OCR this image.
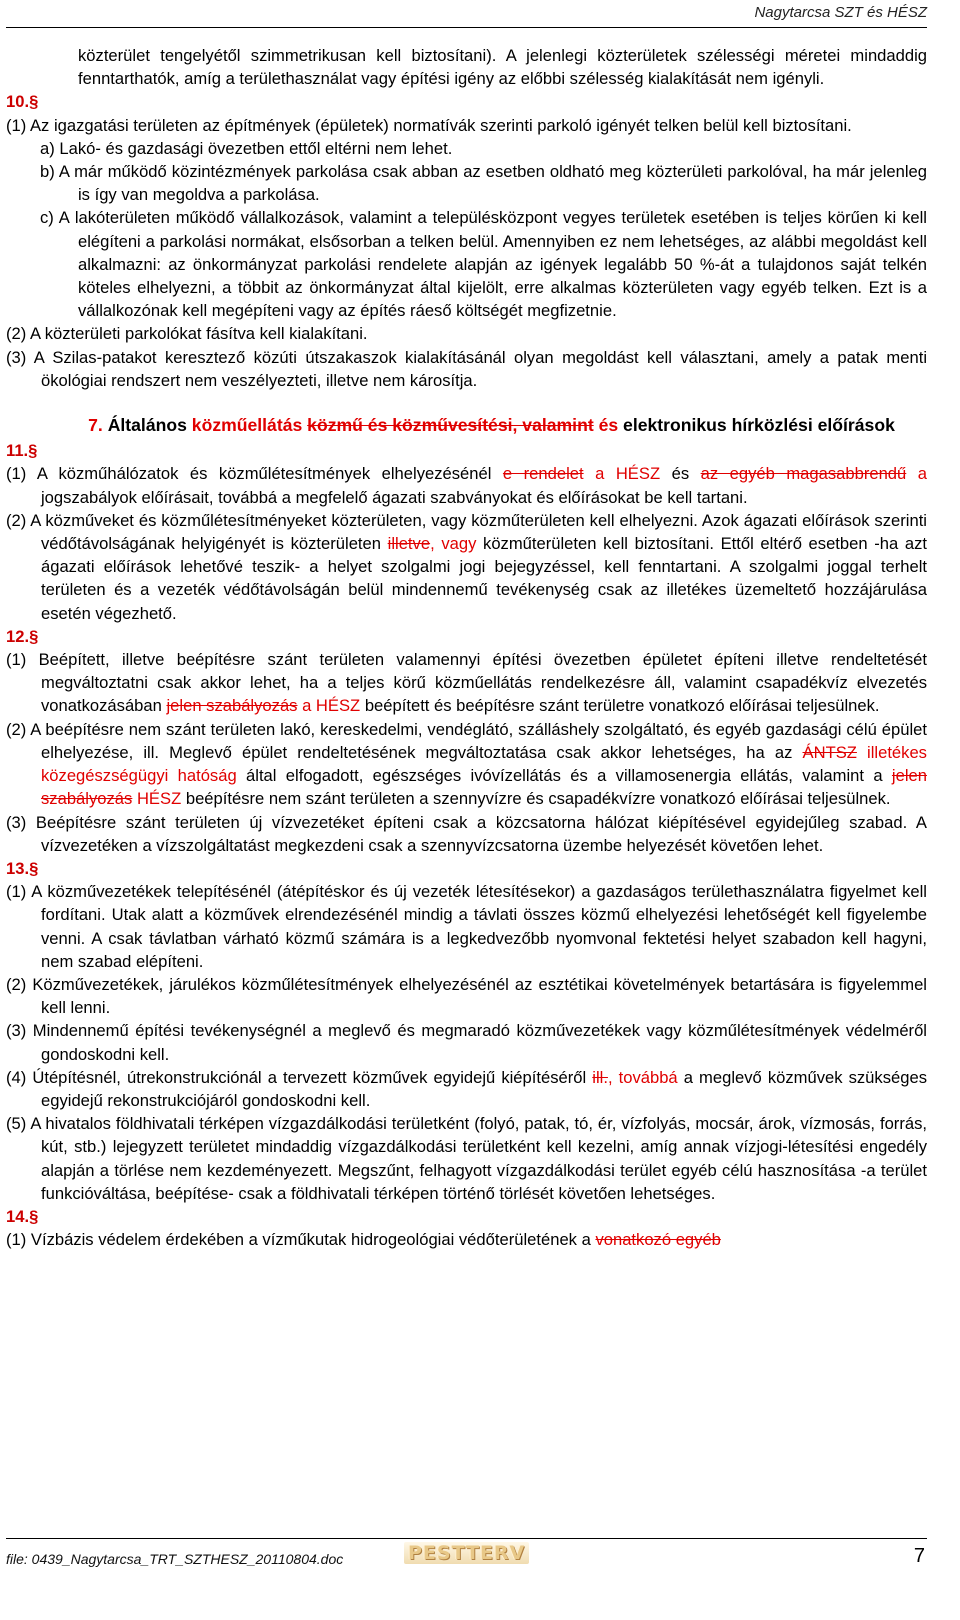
Nagytarcsa SZT és HÉSZ

közterület tengelyétől szimmetrikusan kell biztosítani). A jelenlegi közterületek szélességi méretei mindaddig fenntarthatók, amíg a területhasználat vagy építési igény az előbbi szélesség kialakítását nem igényli.

10.§

(1) Az igazgatási területen az építmények (épületek) normatívák szerinti parkoló igényét telken belül kell biztosítani.

a) Lakó- és gazdasági övezetben ettől eltérni nem lehet.

b) A már működő közintézmények parkolása csak abban az esetben oldható meg közterületi parkolóval, ha már jelenleg is így van megoldva a parkolása.

c) A lakóterületen működő vállalkozások, valamint a településközpont vegyes területek esetében is teljes körűen ki kell elégíteni a parkolási normákat, elsősorban a telken belül. Amennyiben ez nem lehetséges, az alábbi megoldást kell alkalmazni: az önkormányzat parkolási rendelete alapján az igények legalább 50 %-át a tulajdonos saját telkén köteles elhelyezni, a többit az önkormányzat által kijelölt, erre alkalmas közterületen vagy egyéb telken. Ezt is a vállalkozónak kell megépíteni vagy az építés ráeső költségét megfizetnie.

(2) A közterületi parkolókat fásítva kell kialakítani.

(3) A Szilas-patakot keresztező közúti útszakaszok kialakításánál olyan megoldást kell választani, amely a patak menti ökológiai rendszert nem veszélyezteti, illetve nem károsítja.

7. Általános közműellátás közmű és közművesítési, valamint és elektronikus hírközlési előírások
11.§

(1) A közműhálózatok és közműlétesítmények elhelyezésénél e rendelet a HÉSZ és az egyéb magasabbrendű a jogszabályok előírásait, továbbá a megfelelő ágazati szabványokat és előírásokat be kell tartani.

(2) A közműveket és közműlétesítményeket közterületen, vagy közműterületen kell elhelyezni. Azok ágazati előírások szerinti védőtávolságának helyigényét is közterületen illetve, vagy közműterületen kell biztosítani. Ettől eltérő esetben -ha azt ágazati előírások lehetővé teszik- a helyet szolgalmi jogi bejegyzéssel, kell fenntartani. A szolgalmi joggal terhelt területen és a vezeték védőtávolságán belül mindennemű tevékenység csak az illetékes üzemeltető hozzájárulása esetén végezhető.

12.§

(1) Beépített, illetve beépítésre szánt területen valamennyi építési övezetben épületet építeni illetve rendeltetését megváltoztatni csak akkor lehet, ha a teljes körű közműellátás rendelkezésre áll, valamint csapadékvíz elvezetés vonatkozásában jelen szabályozás a HÉSZ beépített és beépítésre szánt területre vonatkozó előírásai teljesülnek.

(2) A beépítésre nem szánt területen lakó, kereskedelmi, vendéglátó, szálláshely szolgáltató, és egyéb gazdasági célú épület elhelyezése, ill. Meglevő épület rendeltetésének megváltoztatása csak akkor lehetséges, ha az ÁNTSZ illetékes közegészségügyi hatóság által elfogadott, egészséges ivóvízellátás és a villamosenergia ellátás, valamint a jelen szabályozás HÉSZ beépítésre nem szánt területen a szennyvízre és csapadékvízre vonatkozó előírásai teljesülnek.

(3) Beépítésre szánt területen új vízvezetéket építeni csak a közcsatorna hálózat kiépítésével egyidejűleg szabad. A vízvezetéken a vízszolgáltatást megkezdeni csak a szennyvízcsatorna üzembe helyezését követően lehet.

13.§

(1) A közművezetékek telepítésénél (átépítéskor és új vezeték létesítésekor) a gazdaságos területhasználatra figyelmet kell fordítani. Utak alatt a közművek elrendezésénél mindig a távlati összes közmű elhelyezési lehetőségét kell figyelembe venni. A csak távlatban várható közmű számára is a legkedvezőbb nyomvonal fektetési helyet szabadon kell hagyni, nem szabad elépíteni.

(2) Közművezetékek, járulékos közműlétesítmények elhelyezésénél az esztétikai követelmények betartására is figyelemmel kell lenni.

(3) Mindennemű építési tevékenységnél a meglevő és megmaradó közművezetékek vagy közműlétesítmények védelméről gondoskodni kell.

(4) Útépítésnél, útrekonstrukciónál a tervezett közművek egyidejű kiépítéséről ill., továbbá a meglevő közművek szükséges egyidejű rekonstrukciójáról gondoskodni kell.

(5) A hivatalos földhivatali térképen vízgazdálkodási területként (folyó, patak, tó, ér, vízfolyás, mocsár, árok, vízmosás, forrás, kút, stb.) lejegyzett területet mindaddig vízgazdálkodási területként kell kezelni, amíg annak vízjogi-létesítési engedély alapján a törlése nem kezdeményezett. Megszűnt, felhagyott vízgazdálkodási terület egyéb célú hasznosítása -a terület funkcióváltása, beépítése- csak a földhivatali térképen történő törlését követően lehetséges.

14.§

(1) Vízbázis védelem érdekében a vízműkutak hidrogeológiai védőterületének a vonatkozó egyéb

file: 0439_Nagytarcsa_TRT_SZTHESZ_20110804.doc	PESTTERV	7
